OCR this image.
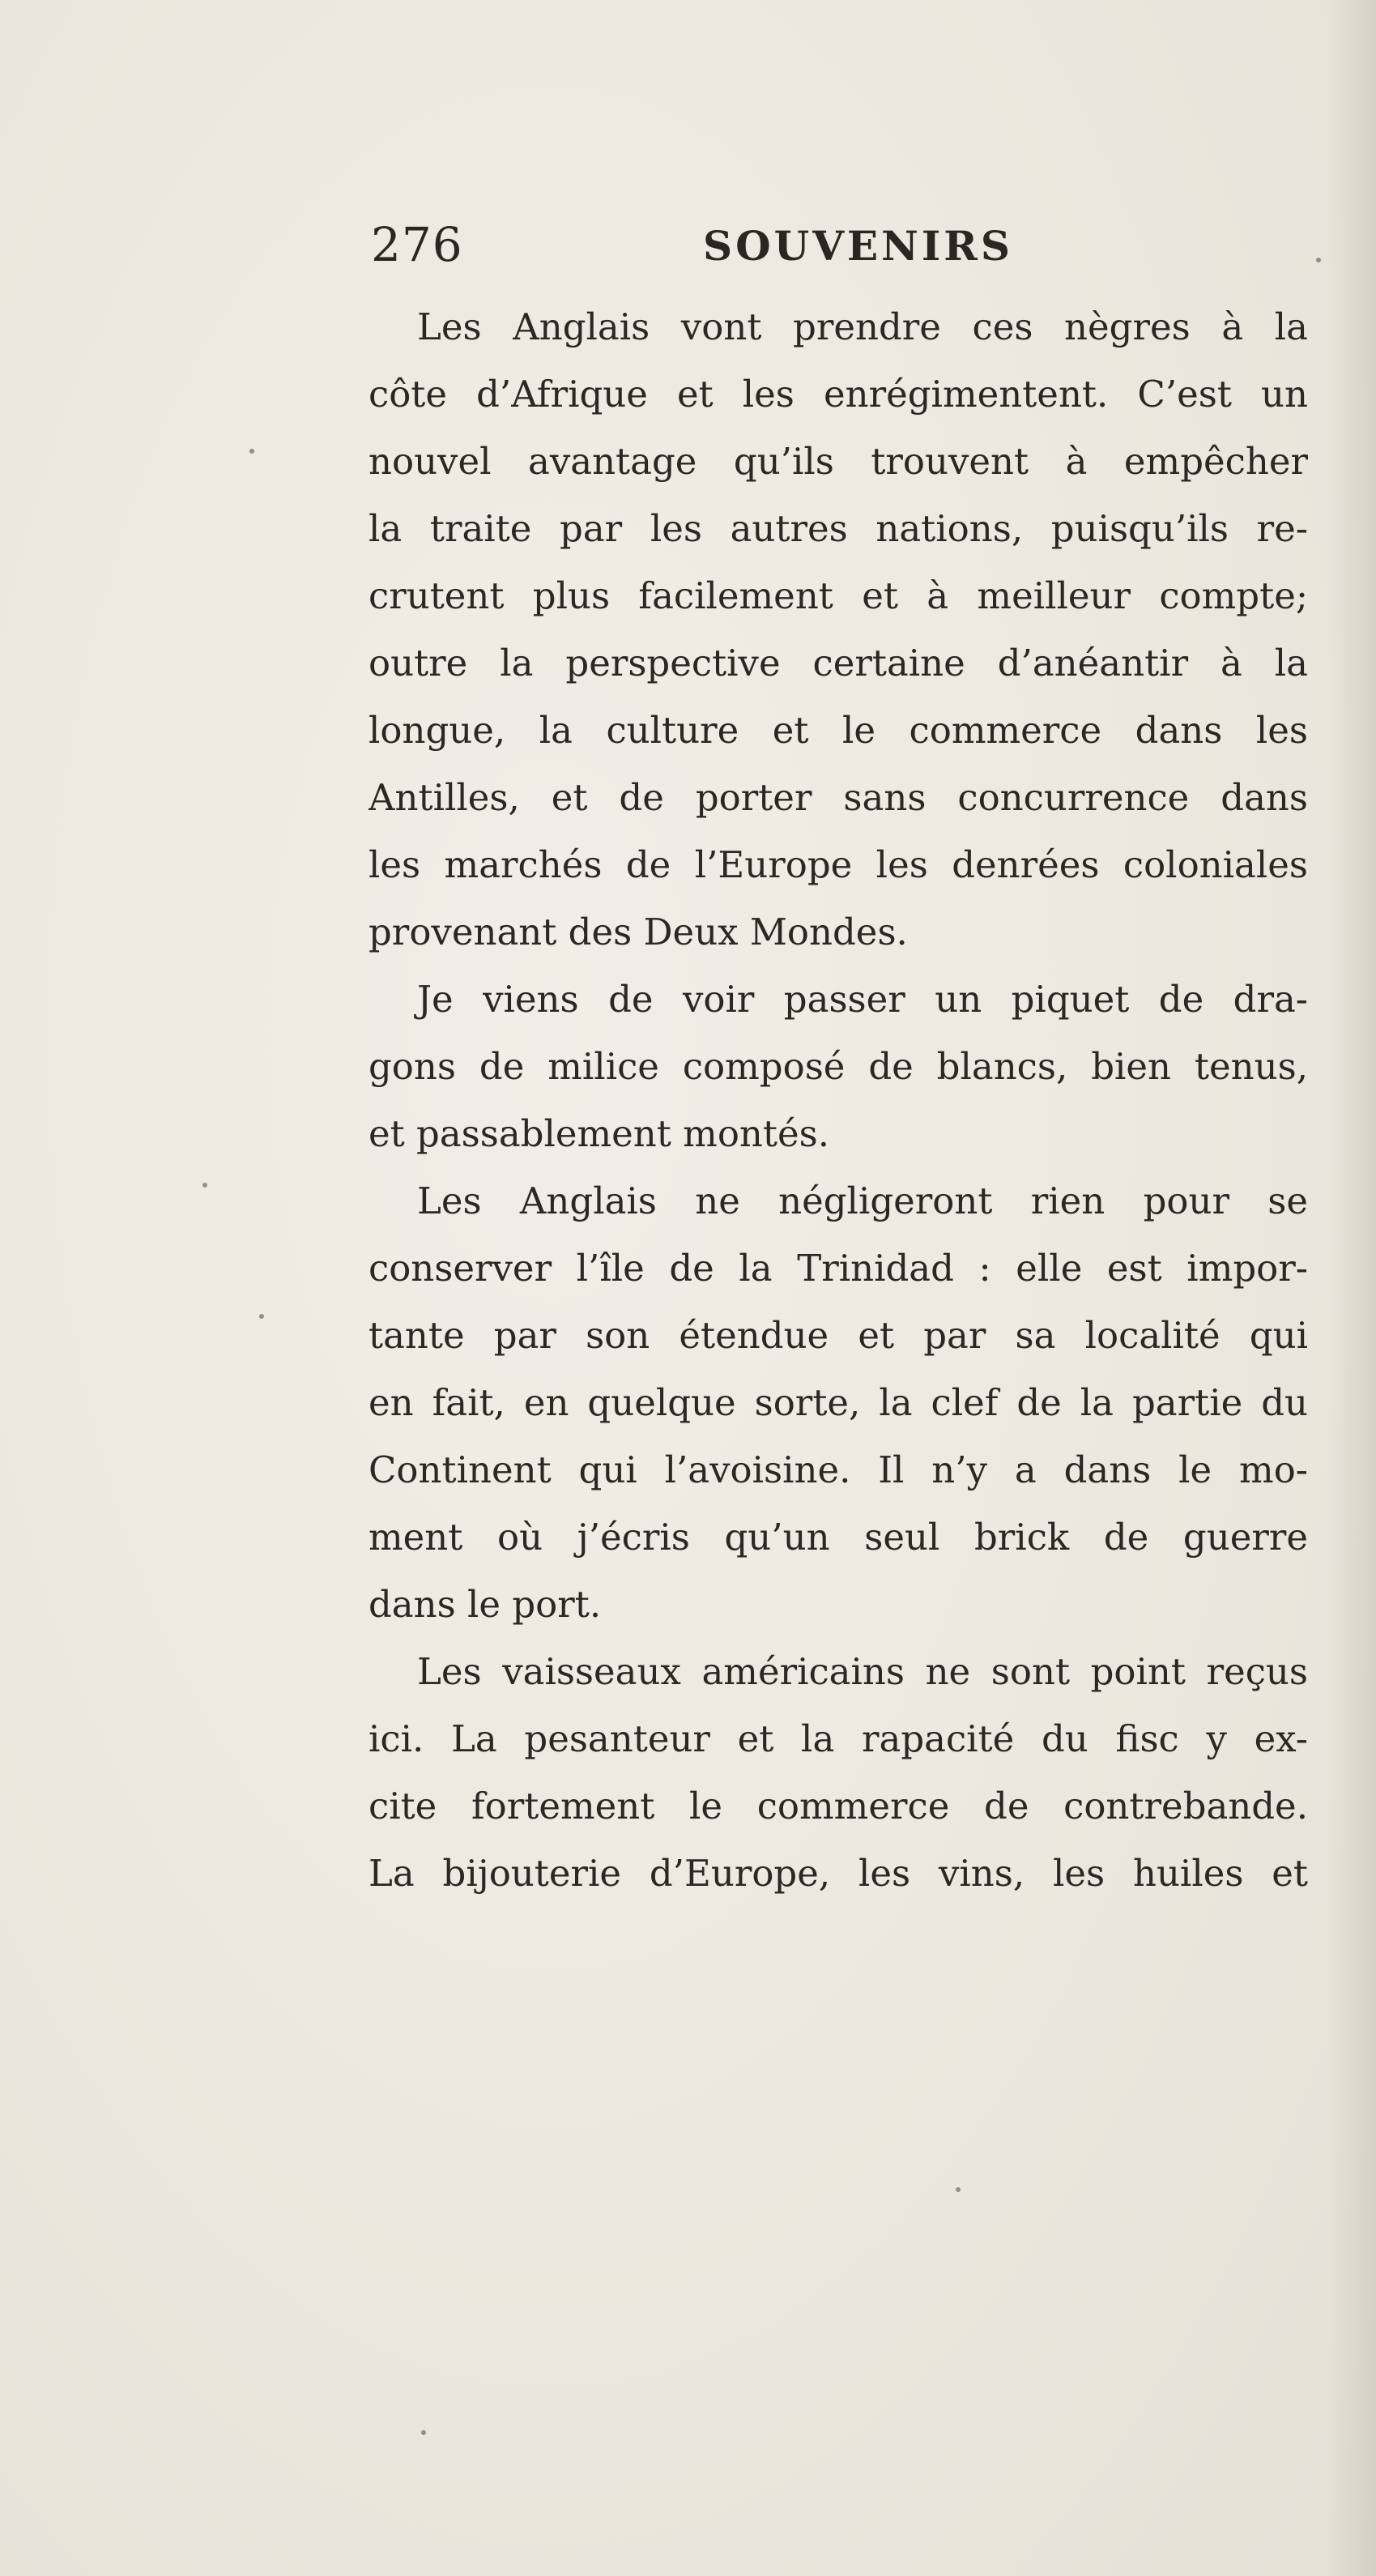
276	SOUVENIRS
Les Anglais vont prendre ces nègres à la
côte d’Afrique et les enrégimentent. C’est un
nouvel avantage qu’ils trouvent à empêcher
la traite par les autres nations, puisqu’ils re-
crutent plus facilement et à meilleur compte;
outre la perspective certaine d’anéantir à la
longue, la culture et le commerce dans les
Antilles, et de porter sans concurrence dans
les marchés de l’Europe les denrées coloniales
provenant des Deux Mondes.
Je viens de voir passer un piquet de dra-
gons de milice composé de blancs, bien tenus,
et passablement montés.
Les Anglais ne négligeront rien pour se
conserver l’île de la Trinidad : elle est impor-
tante par son étendue et par sa localité qui
en fait, en quelque sorte, la clef de la partie du
Continent qui l’avoisine. Il n’y a dans le mo-
ment où j’écris qu’un seul brick de guerre
dans le port.
Les vaisseaux américains ne sont point reçus
ici. La pesanteur et la rapacité du fisc y ex-
cite fortement le commerce de contrebande.
La bijouterie d’Europe, les vins, les huiles et
